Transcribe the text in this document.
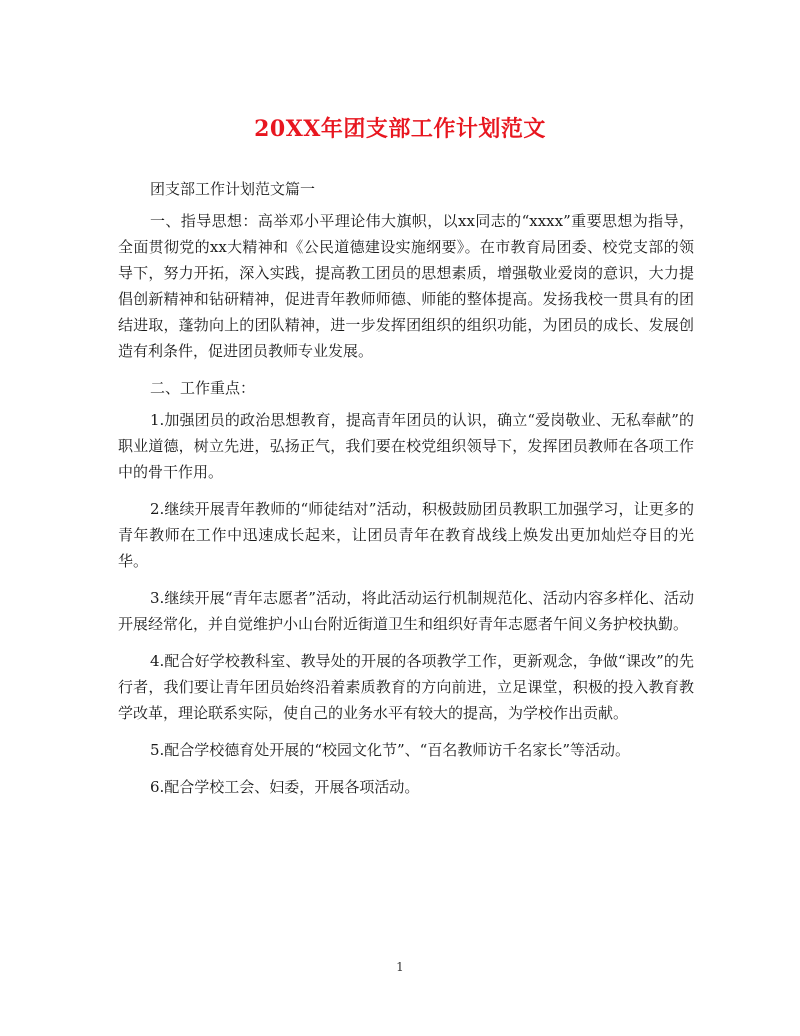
20XX年团支部工作计划范文

团支部工作计划范文篇一

一、指导思想：高举邓小平理论伟大旗帜，以xx同志的“xxxx”重要思想为指导，全面贯彻党的xx大精神和《公民道德建设实施纲要》。在市教育局团委、校党支部的领导下，努力开拓，深入实践，提高教工团员的思想素质，增强敬业爱岗的意识，大力提倡创新精神和钻研精神，促进青年教师师德、师能的整体提高。发扬我校一贯具有的团结进取，蓬勃向上的团队精神，进一步发挥团组织的组织功能，为团员的成长、发展创造有利条件，促进团员教师专业发展。

二、工作重点：

1.加强团员的政治思想教育，提高青年团员的认识，确立“爱岗敬业、无私奉献”的职业道德，树立先进，弘扬正气，我们要在校党组织领导下，发挥团员教师在各项工作中的骨干作用。

2.继续开展青年教师的“师徒结对”活动，积极鼓励团员教职工加强学习，让更多的青年教师在工作中迅速成长起来，让团员青年在教育战线上焕发出更加灿烂夺目的光华。

3.继续开展“青年志愿者”活动，将此活动运行机制规范化、活动内容多样化、活动开展经常化，并自觉维护小山台附近街道卫生和组织好青年志愿者午间义务护校执勤。

4.配合好学校教科室、教导处的开展的各项教学工作，更新观念，争做“课改”的先行者，我们要让青年团员始终沿着素质教育的方向前进，立足课堂，积极的投入教育教学改革，理论联系实际，使自己的业务水平有较大的提高，为学校作出贡献。

5.配合学校德育处开展的“校园文化节”、“百名教师访千名家长”等活动。

6.配合学校工会、妇委，开展各项活动。

1
